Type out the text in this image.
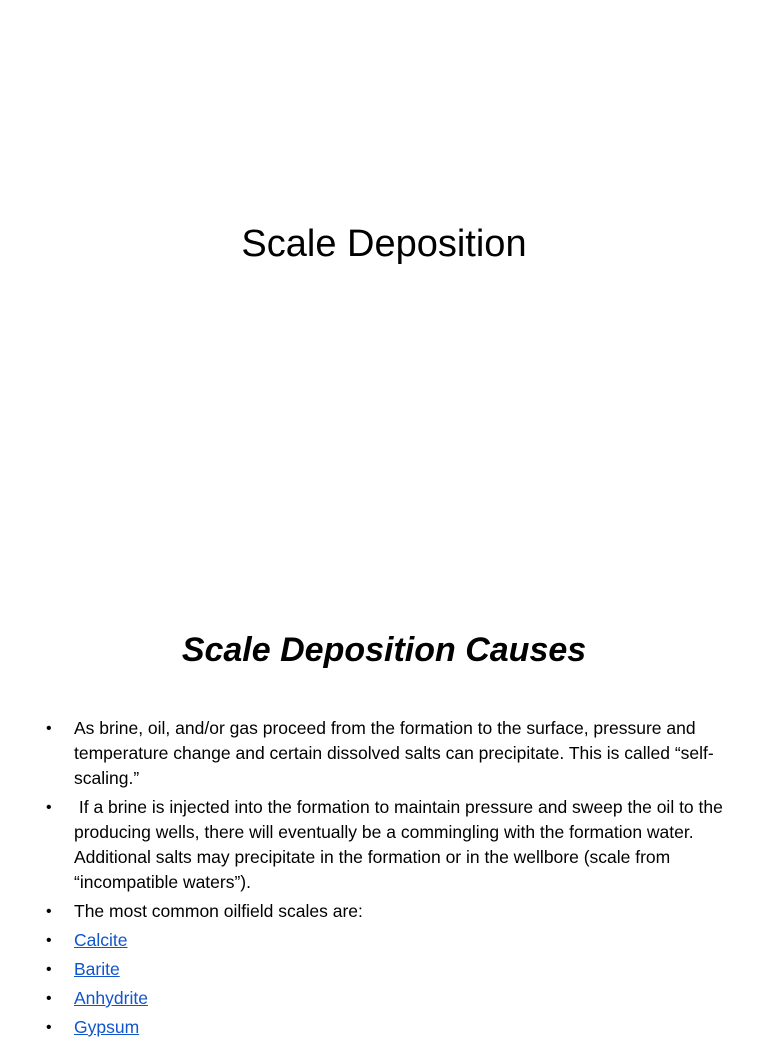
Scale Deposition
Scale Deposition Causes
•	As brine, oil, and/or gas proceed from the formation to the surface, pressure and temperature change and certain dissolved salts can precipitate. This is called “self-scaling.”
•	If a brine is injected into the formation to maintain pressure and sweep the oil to the producing wells, there will eventually be a commingling with the formation water. Additional salts may precipitate in the formation or in the wellbore (scale from “incompatible waters”).
•	The most common oilfield scales are:
•	Calcite
•	Barite
•	Anhydrite
•	Gypsum
